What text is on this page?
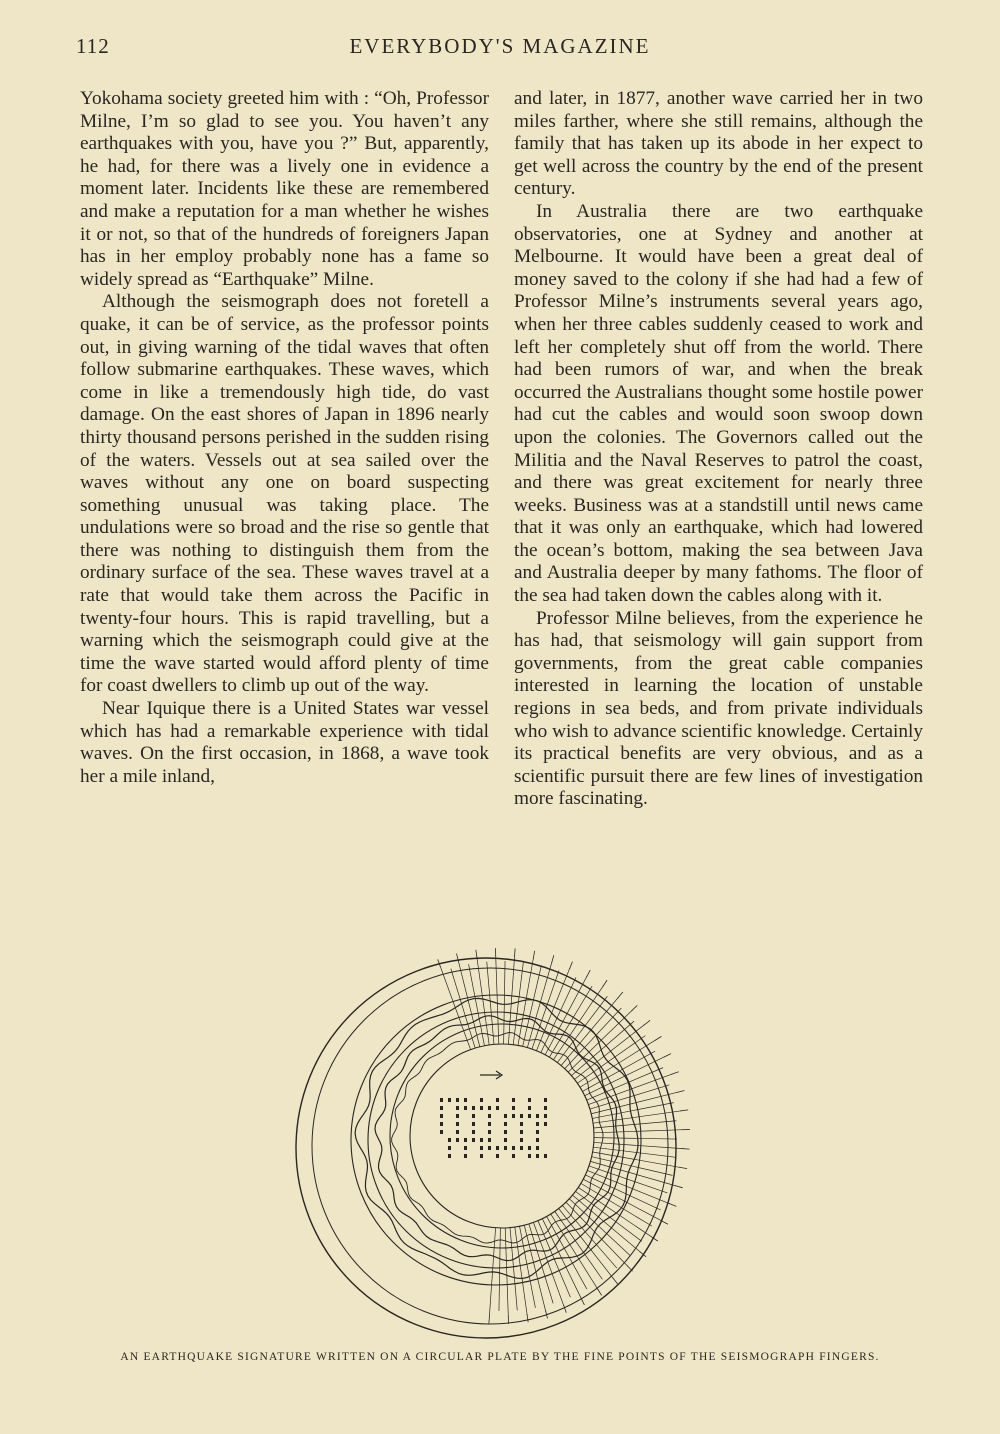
112	EVERYBODY'S MAGAZINE

Yokohama society greeted him with : “Oh, Professor Milne, I’m so glad to see you. You haven’t any earthquakes with you, have you ?” But, apparently, he had, for there was a lively one in evidence a moment later. Incidents like these are remembered and make a reputation for a man whether he wishes it or not, so that of the hundreds of foreigners Japan has in her employ probably none has a fame so widely spread as “Earthquake” Milne.

Although the seismograph does not foretell a quake, it can be of service, as the professor points out, in giving warning of the tidal waves that often follow submarine earthquakes. These waves, which come in like a tremendously high tide, do vast damage. On the east shores of Japan in 1896 nearly thirty thousand persons perished in the sudden rising of the waters. Vessels out at sea sailed over the waves without any one on board suspecting something unusual was taking place. The undulations were so broad and the rise so gentle that there was nothing to distinguish them from the ordinary surface of the sea. These waves travel at a rate that would take them across the Pacific in twenty-four hours. This is rapid travelling, but a warning which the seismograph could give at the time the wave started would afford plenty of time for coast dwellers to climb up out of the way.

Near Iquique there is a United States war vessel which has had a remarkable experience with tidal waves. On the first occasion, in 1868, a wave took her a mile inland,

and later, in 1877, another wave carried her in two miles farther, where she still remains, although the family that has taken up its abode in her expect to get well across the country by the end of the present century.

In Australia there are two earthquake observatories, one at Sydney and another at Melbourne. It would have been a great deal of money saved to the colony if she had had a few of Professor Milne’s instruments several years ago, when her three cables suddenly ceased to work and left her completely shut off from the world. There had been rumors of war, and when the break occurred the Australians thought some hostile power had cut the cables and would soon swoop down upon the colonies. The Governors called out the Militia and the Naval Reserves to patrol the coast, and there was great excitement for nearly three weeks. Business was at a standstill until news came that it was only an earthquake, which had lowered the ocean’s bottom, making the sea between Java and Australia deeper by many fathoms. The floor of the sea had taken down the cables along with it.

Professor Milne believes, from the experience he has had, that seismology will gain support from governments, from the great cable companies interested in learning the location of unstable regions in sea beds, and from private individuals who wish to advance scientific knowledge. Certainly its practical benefits are very obvious, and as a scientific pursuit there are few lines of investigation more fascinating.

AN EARTHQUAKE SIGNATURE WRITTEN ON A CIRCULAR PLATE BY THE FINE POINTS OF THE SEISMOGRAPH FINGERS.
